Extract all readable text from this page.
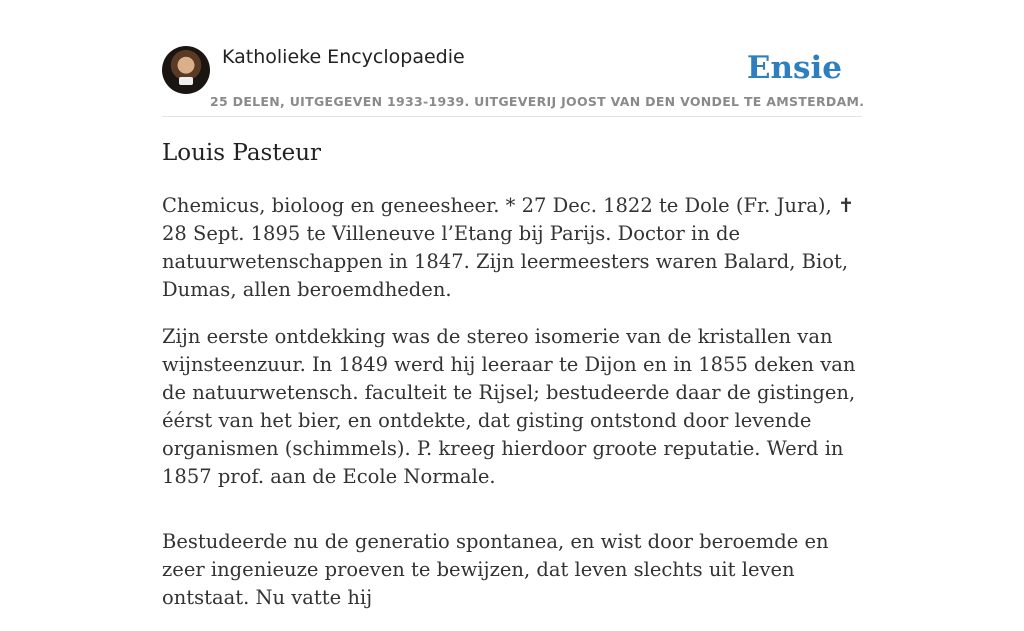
Katholieke Encyclopaedie
25 DELEN, UITGEGEVEN 1933-1939. UITGEVERIJ JOOST VAN DEN VONDEL TE AMSTERDAM.
Ensie
Louis Pasteur

Chemicus, bioloog en geneesheer. * 27 Dec. 1822 te Dole (Fr. Jura), ✝ 28 Sept. 1895 te Villeneuve l’Etang bij Parijs. Doctor in de natuurwetenschappen in 1847. Zijn leermeesters waren Balard, Biot, Dumas, allen beroemdheden.

Zijn eerste ontdekking was de stereo isomerie van de kristallen van wijnsteenzuur. In 1849 werd hij leeraar te Dijon en in 1855 deken van de natuurwetensch. faculteit te Rijsel; bestudeerde daar de gistingen, éérst van het bier, en ontdekte, dat gisting ontstond door levende organismen (schimmels). P. kreeg hierdoor groote reputatie. Werd in 1857 prof. aan de Ecole Normale.

Bestudeerde nu de generatio spontanea, en wist door beroemde en zeer ingenieuze proeven te bewijzen, dat leven slechts uit leven ontstaat. Nu vatte hij
